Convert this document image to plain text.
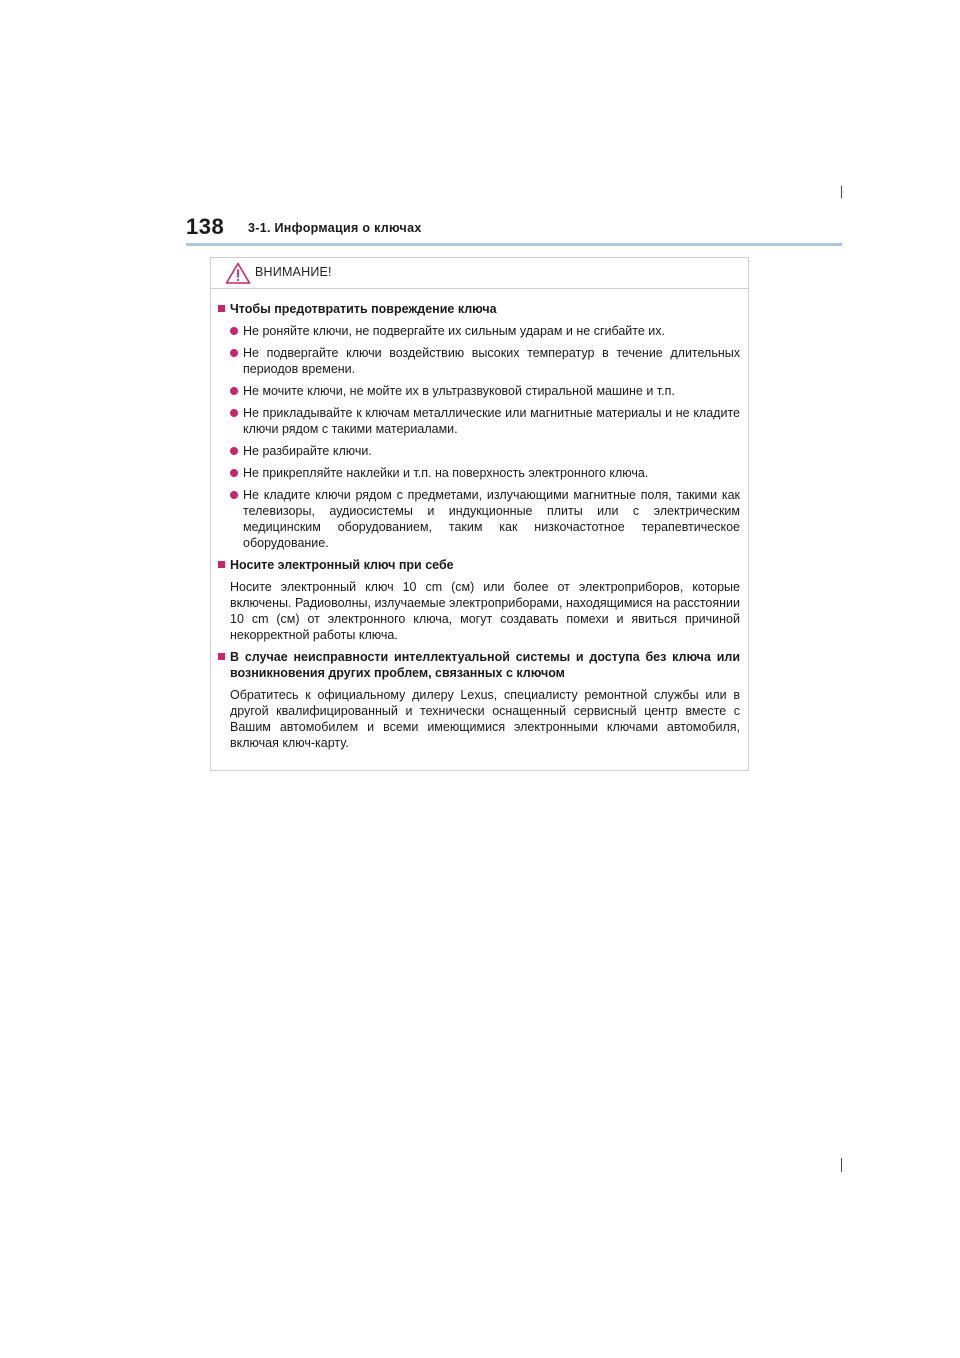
138 3-1. Информация о ключах
ВНИМАНИЕ!
Чтобы предотвратить повреждение ключа
Не роняйте ключи, не подвергайте их сильным ударам и не сгибайте их.
Не подвергайте ключи воздействию высоких температур в течение длительных периодов времени.
Не мочите ключи, не мойте их в ультразвуковой стиральной машине и т.п.
Не прикладывайте к ключам металлические или магнитные материалы и не кладите ключи рядом с такими материалами.
Не разбирайте ключи.
Не прикрепляйте наклейки и т.п. на поверхность электронного ключа.
Не кладите ключи рядом с предметами, излучающими магнитные поля, такими как телевизоры, аудиосистемы и индукционные плиты или с электрическим медицинским оборудованием, таким как низкочастотное терапевтическое оборудование.
Носите электронный ключ при себе
Носите электронный ключ 10 cm (см) или более от электроприборов, которые включены. Радиоволны, излучаемые электроприборами, находящимися на расстоянии 10 cm (см) от электронного ключа, могут создавать помехи и явиться причиной некорректной работы ключа.
В случае неисправности интеллектуальной системы и доступа без ключа или возникновения других проблем, связанных с ключом
Обратитесь к официальному дилеру Lexus, специалисту ремонтной службы или в другой квалифицированный и технически оснащенный сервисный центр вместе с Вашим автомобилем и всеми имеющимися электронными ключами автомобиля, включая ключ-карту.
